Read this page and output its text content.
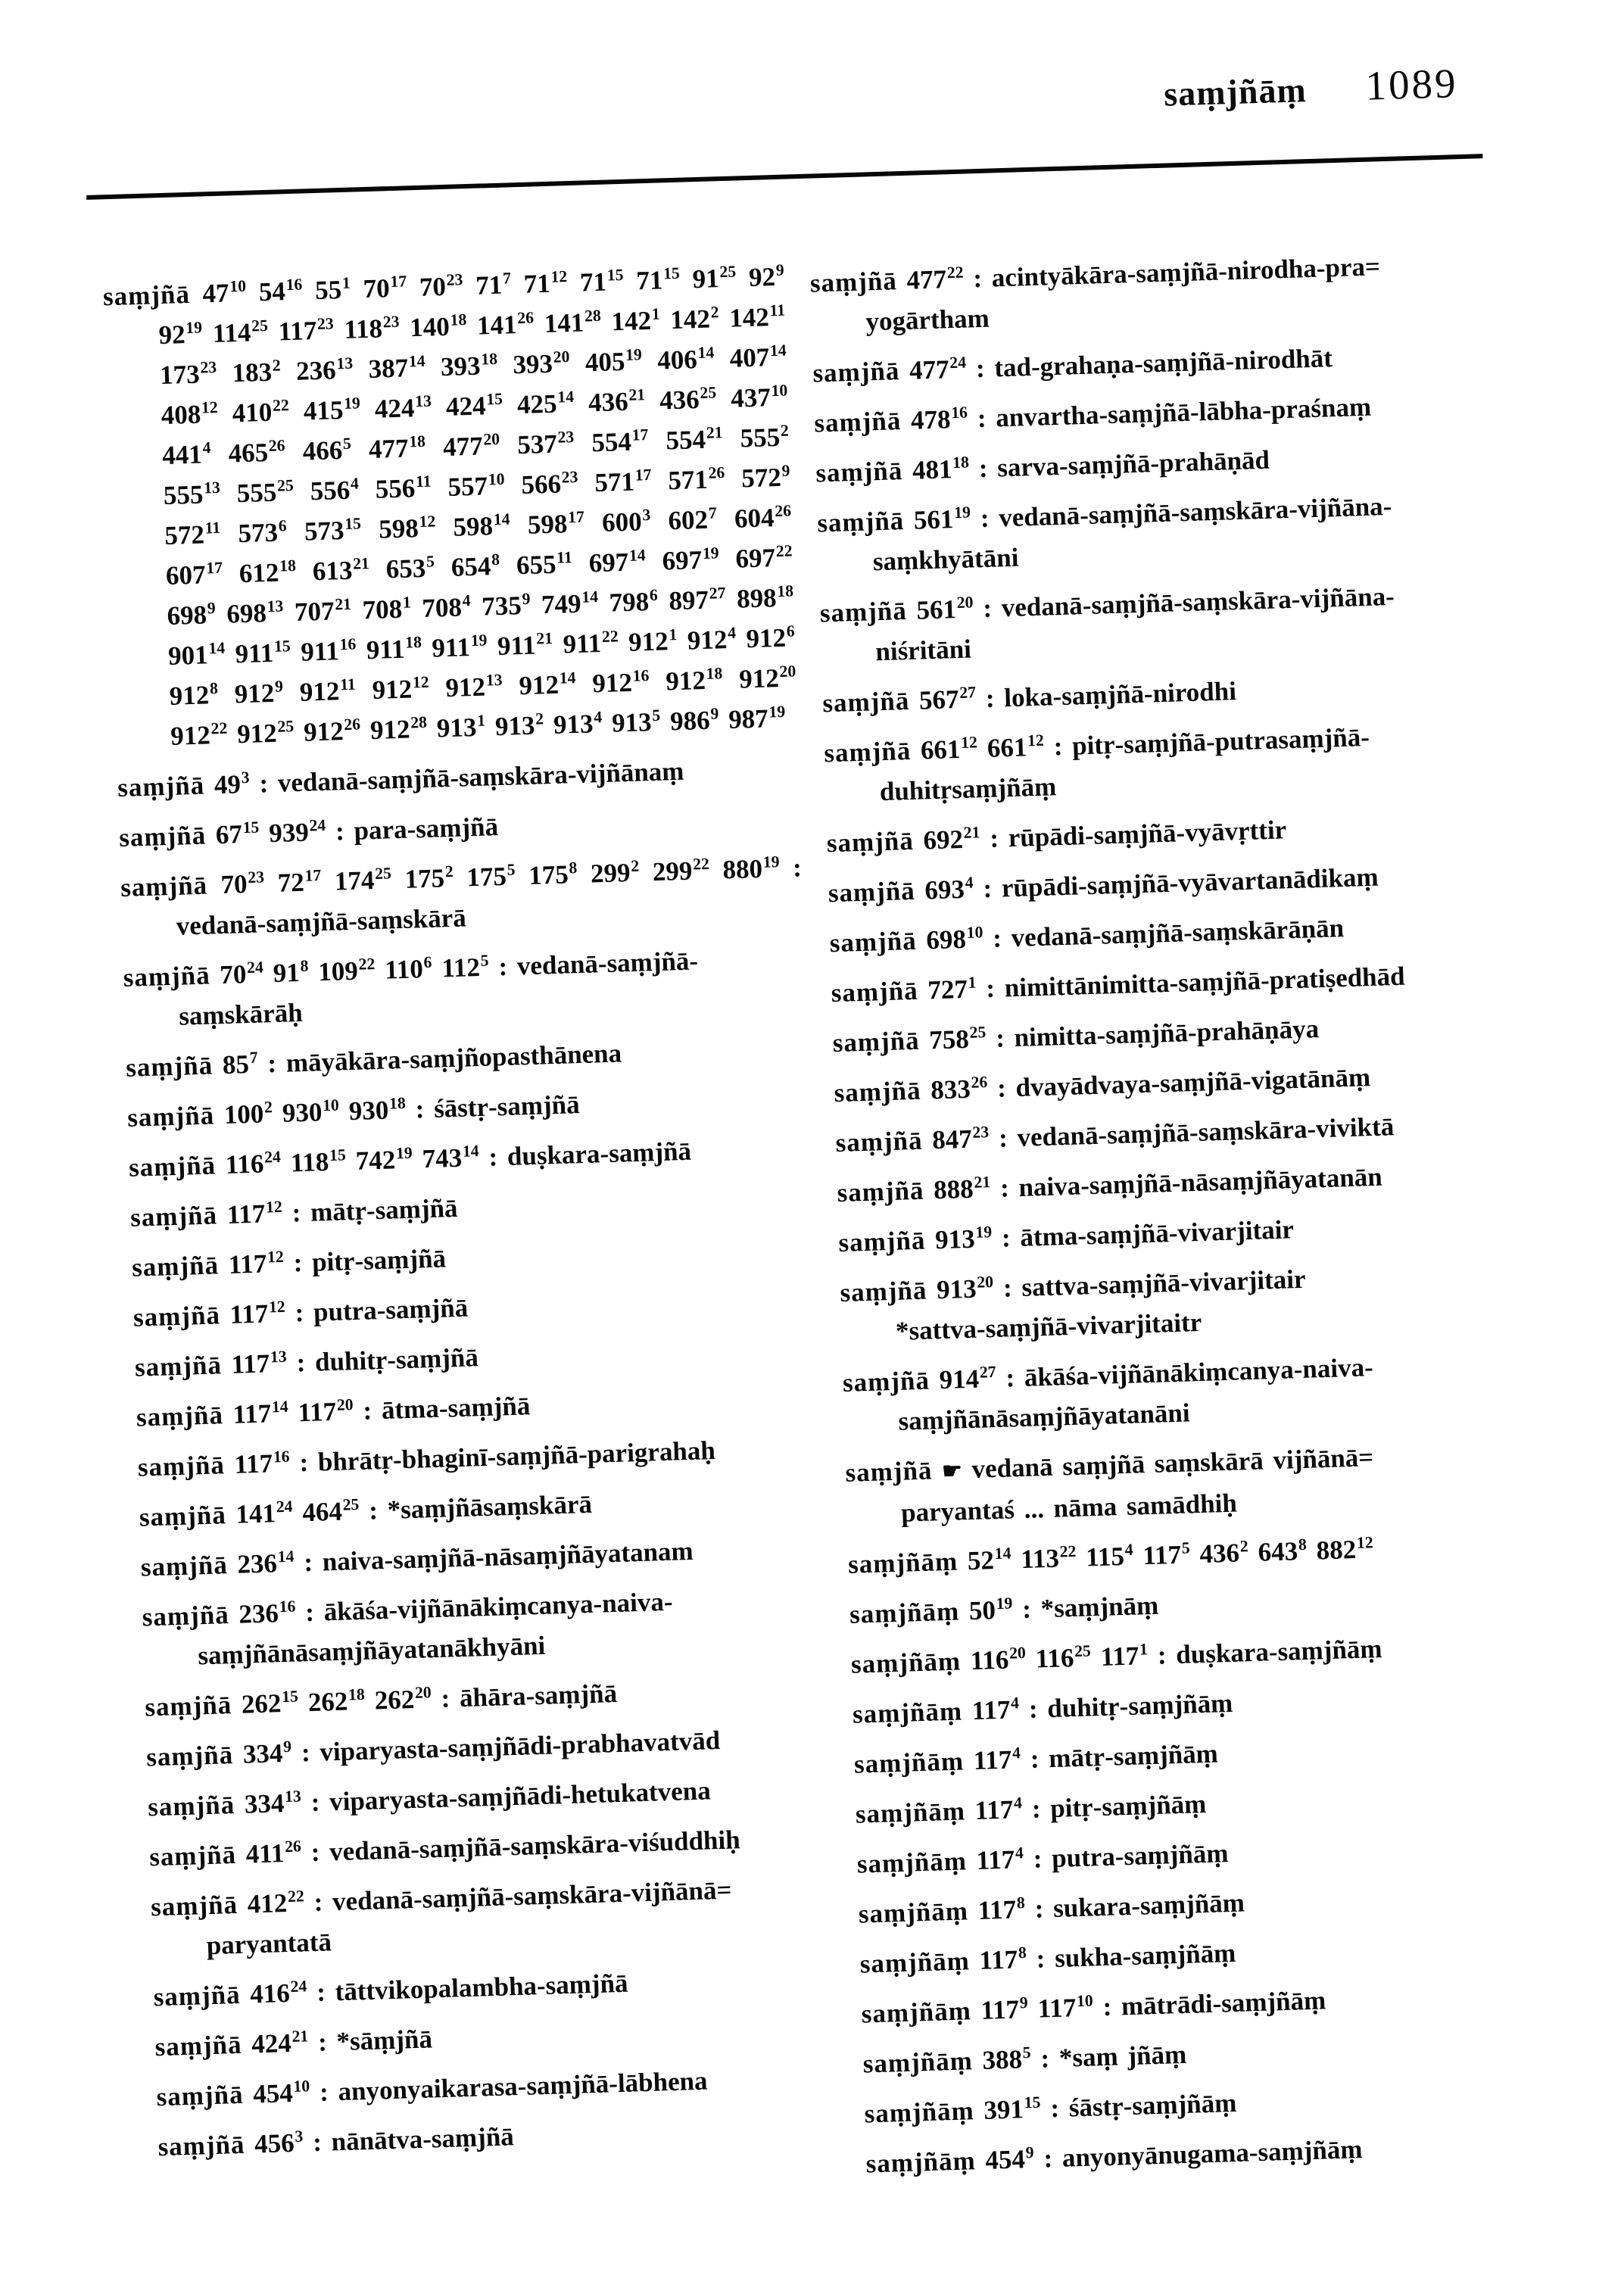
saṃjñāṃ 1089
saṃjñā $47^{10}$ $54^{16}$ $55^1$ $70^{17}$ $70^{23}$ $71^7$ $71^{12}$ $71^{15}$ $71^{15}$ $91^{25}$ $92^9$ $92^{19}$ $114^{25}$ $117^{23}$ $118^{23}$ $140^{18}$ $141^{26}$ $141^{28}$ $142^1$ $142^2$ $142^{11}$ $173^{23}$ $183^2$ $236^{13}$ $387^{14}$ $393^{18}$ $393^{20}$ $405^{19}$ $406^{14}$ $407^{14}$ $408^{12}$ $410^{22}$ $415^{19}$ $424^{13}$ $424^{15}$ $425^{14}$ $436^{21}$ $436^{25}$ $437^{10}$ $441^4$ $465^{26}$ $466^5$ $477^{18}$ $477^{20}$ $537^{23}$ $554^{17}$ $554^{21}$ $555^2$ $555^{13}$ $555^{25}$ $556^4$ $556^{11}$ $557^{10}$ $566^{23}$ $571^{17}$ $571^{26}$ $572^9$ $572^{11}$ $573^6$ $573^{15}$ $598^{12}$ $598^{14}$ $598^{17}$ $600^3$ $602^7$ $604^{26}$ $607^{17}$ $612^{18}$ $613^{21}$ $653^5$ $654^8$ $655^{11}$ $697^{14}$ $697^{19}$ $697^{22}$ $698^9$ $698^{13}$ $707^{21}$ $708^1$ $708^4$ $735^9$ $749^{14}$ $798^6$ $897^{27}$ $898^{18}$ $901^{14}$ $911^{15}$ $911^{16}$ $911^{18}$ $911^{19}$ $911^{21}$ $911^{22}$ $912^1$ $912^4$ $912^6$ $912^8$ $912^9$ $912^{11}$ $912^{12}$ $912^{13}$ $912^{14}$ $912^{16}$ $912^{18}$ $912^{20}$ $912^{22}$ $912^{25}$ $912^{26}$ $912^{28}$ $913^1$ $913^2$ $913^4$ $913^5$ $986^9$ $987^{19}$
saṃjñā $49^3$ : vedanā-saṃjñā-saṃskāra-vijñānaṃ
saṃjñā $67^{15}$ $939^{24}$ : para-saṃjñā
saṃjñā $70^{23}$ $72^{17}$ $174^{25}$ $175^2$ $175^5$ $175^8$ $299^2$ $299^{22}$ $880^{19}$ : vedanā-saṃjñā-saṃskārā
saṃjñā $70^{24}$ $91^8$ $109^{22}$ $110^6$ $112^5$ : vedanā-saṃjñā-
saṃskārāḥ
saṃjñā $85^7$ : māyākāra-saṃjñopasthānena
saṃjñā $100^2$ $930^{10}$ $930^{18}$ : śāstṛ-saṃjñā
saṃjñā $116^{24}$ $118^{15}$ $742^{19}$ $743^{14}$ : duṣkara-saṃjñā
saṃjñā $117^{12}$ : mātṛ-saṃjñā
saṃjñā $117^{12}$ : pitṛ-saṃjñā
saṃjñā $117^{12}$ : putra-saṃjñā
saṃjñā $117^{13}$ : duhitṛ-saṃjñā
saṃjñā $117^{14}$ $117^{20}$ : ātma-saṃjñā
saṃjñā $117^{16}$ : bhrātṛ-bhaginī-saṃjñā-parigrahaḥ
saṃjñā $141^{24}$ $464^{25}$ : *saṃjñāsaṃskārā
saṃjñā $236^{14}$ : naiva-saṃjñā-nāsaṃjñāyatanam
saṃjñā $236^{16}$ : ākāśa-vijñānākiṃcanya-naiva-
saṃjñānāsaṃjñāyatanākhyāni
saṃjñā $262^{15}$ $262^{18}$ $262^{20}$ : āhāra-saṃjñā
saṃjñā $334^9$ : viparyasta-saṃjñādi-prabhavatvād
saṃjñā $334^{13}$ : viparyasta-saṃjñādi-hetukatvena
saṃjñā $411^{26}$ : vedanā-saṃjñā-saṃskāra-viśuddhiḥ
saṃjñā $412^{22}$ : vedanā-saṃjñā-saṃskāra-vijñānā=
paryantatā
saṃjñā $416^{24}$ : tāttvikopalambha-saṃjñā
saṃjñā $424^{21}$ : *sāṃjñā
saṃjñā $454^{10}$ : anyonyaikarasa-saṃjñā-lābhena
saṃjñā $456^3$ : nānātva-saṃjñā
saṃjñā $477^{22}$ : acintyākāra-saṃjñā-nirodha-pra=
yogārtham
saṃjñā $477^{24}$ : tad-grahaṇa-saṃjñā-nirodhāt
saṃjñā $478^{16}$ : anvartha-saṃjñā-lābha-praśnaṃ
saṃjñā $481^{18}$ : sarva-saṃjñā-prahāṇād
saṃjñā $561^{19}$ : vedanā-saṃjñā-saṃskāra-vijñāna-
saṃkhyātāni
saṃjñā $561^{20}$ : vedanā-saṃjñā-saṃskāra-vijñāna-
niśritāni
saṃjñā $567^{27}$ : loka-saṃjñā-nirodhi
saṃjñā $661^{12}$ $661^{12}$ : pitṛ-saṃjñā-putrasaṃjñā-
duhitṛsaṃjñāṃ
saṃjñā $692^{21}$ : rūpādi-saṃjñā-vyāvṛttir
saṃjñā $693^4$ : rūpādi-saṃjñā-vyāvartanādikaṃ
saṃjñā $698^{10}$ : vedanā-saṃjñā-saṃskārāṇān
saṃjñā $727^1$ : nimittānimitta-saṃjñā-pratiṣedhād
saṃjñā $758^{25}$ : nimitta-saṃjñā-prahāṇāya
saṃjñā $833^{26}$ : dvayādvaya-saṃjñā-vigatānāṃ
saṃjñā $847^{23}$ : vedanā-saṃjñā-saṃskāra-viviktā
saṃjñā $888^{21}$ : naiva-saṃjñā-nāsaṃjñāyatanān
saṃjñā $913^{19}$ : ātma-saṃjñā-vivarjitair
saṃjñā $913^{20}$ : sattva-saṃjñā-vivarjitair
*sattva-saṃjñā-vivarjitaitr
saṃjñā $914^{27}$ : ākāśa-vijñānākiṃcanya-naiva-
saṃjñānāsaṃjñāyatanāni
saṃjñā ☛ vedanā saṃjñā saṃskārā vijñānā=
paryantaś ... nāma samādhiḥ
saṃjñāṃ $52^{14}$ $113^{22}$ $115^4$ $117^5$ $436^2$ $643^8$ $882^{12}$
saṃjñāṃ $50^{19}$ : *saṃjnāṃ
saṃjñāṃ $116^{20}$ $116^{25}$ $117^1$ : duṣkara-saṃjñāṃ
saṃjñāṃ $117^4$ : duhitṛ-saṃjñāṃ
saṃjñāṃ $117^4$ : mātṛ-saṃjñāṃ
saṃjñāṃ $117^4$ : pitṛ-saṃjñāṃ
saṃjñāṃ $117^4$ : putra-saṃjñāṃ
saṃjñāṃ $117^8$ : sukara-saṃjñāṃ
saṃjñāṃ $117^8$ : sukha-saṃjñāṃ
saṃjñāṃ $117^9$ $117^{10}$ : mātrādi-saṃjñāṃ
saṃjñāṃ $388^5$ : *saṃ jñāṃ
saṃjñāṃ $391^{15}$ : śāstṛ-saṃjñāṃ
saṃjñāṃ $454^9$ : anyonyānugama-saṃjñāṃ
